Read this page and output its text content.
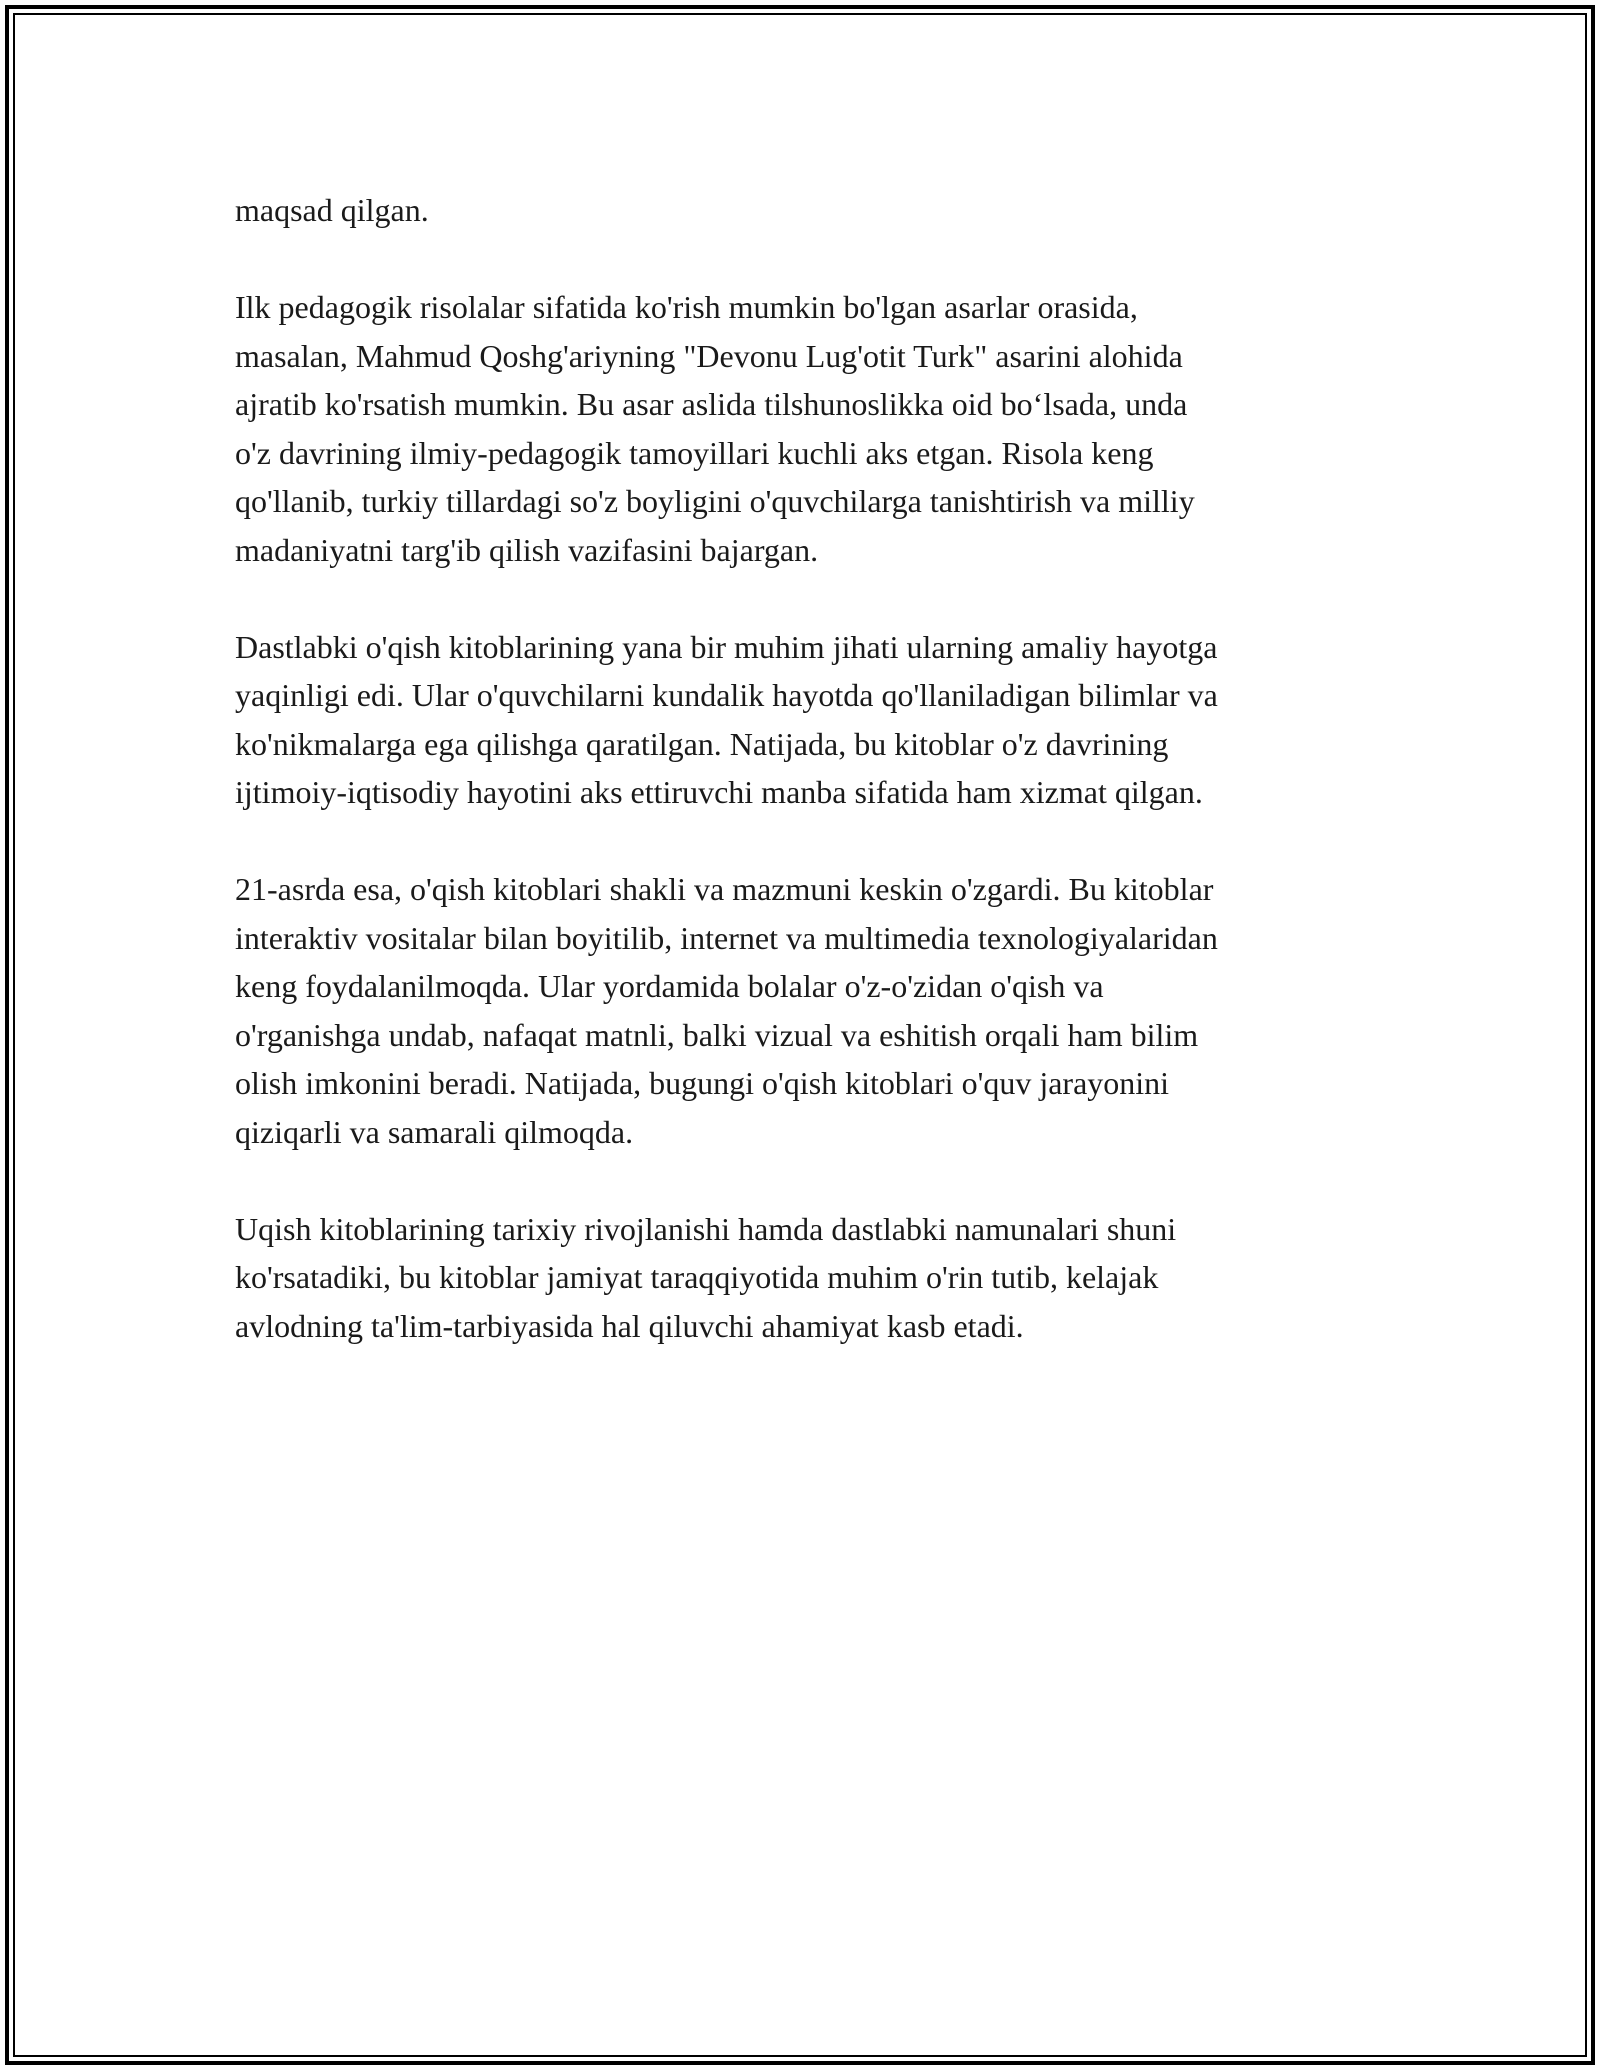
maqsad qilgan.

Ilk pedagogik risolalar sifatida ko'rish mumkin bo'lgan asarlar orasida,
masalan, Mahmud Qoshg'ariyning "Devonu Lug'otit Turk" asarini alohida
ajratib ko'rsatish mumkin. Bu asar aslida tilshunoslikka oid bo‘lsada, unda
o'z davrining ilmiy-pedagogik tamoyillari kuchli aks etgan. Risola keng
qo'llanib, turkiy tillardagi so'z boyligini o'quvchilarga tanishtirish va milliy
madaniyatni targ'ib qilish vazifasini bajargan.

Dastlabki o'qish kitoblarining yana bir muhim jihati ularning amaliy hayotga
yaqinligi edi. Ular o'quvchilarni kundalik hayotda qo'llaniladigan bilimlar va
ko'nikmalarga ega qilishga qaratilgan. Natijada, bu kitoblar o'z davrining
ijtimoiy-iqtisodiy hayotini aks ettiruvchi manba sifatida ham xizmat qilgan.

21-asrda esa, o'qish kitoblari shakli va mazmuni keskin o'zgardi. Bu kitoblar
interaktiv vositalar bilan boyitilib, internet va multimedia texnologiyalaridan
keng foydalanilmoqda. Ular yordamida bolalar o'z-o'zidan o'qish va
o'rganishga undab, nafaqat matnli, balki vizual va eshitish orqali ham bilim
olish imkonini beradi. Natijada, bugungi o'qish kitoblari o'quv jarayonini
qiziqarli va samarali qilmoqda.

Uqish kitoblarining tarixiy rivojlanishi hamda dastlabki namunalari shuni
ko'rsatadiki, bu kitoblar jamiyat taraqqiyotida muhim o'rin tutib, kelajak
avlodning ta'lim-tarbiyasida hal qiluvchi ahamiyat kasb etadi.
